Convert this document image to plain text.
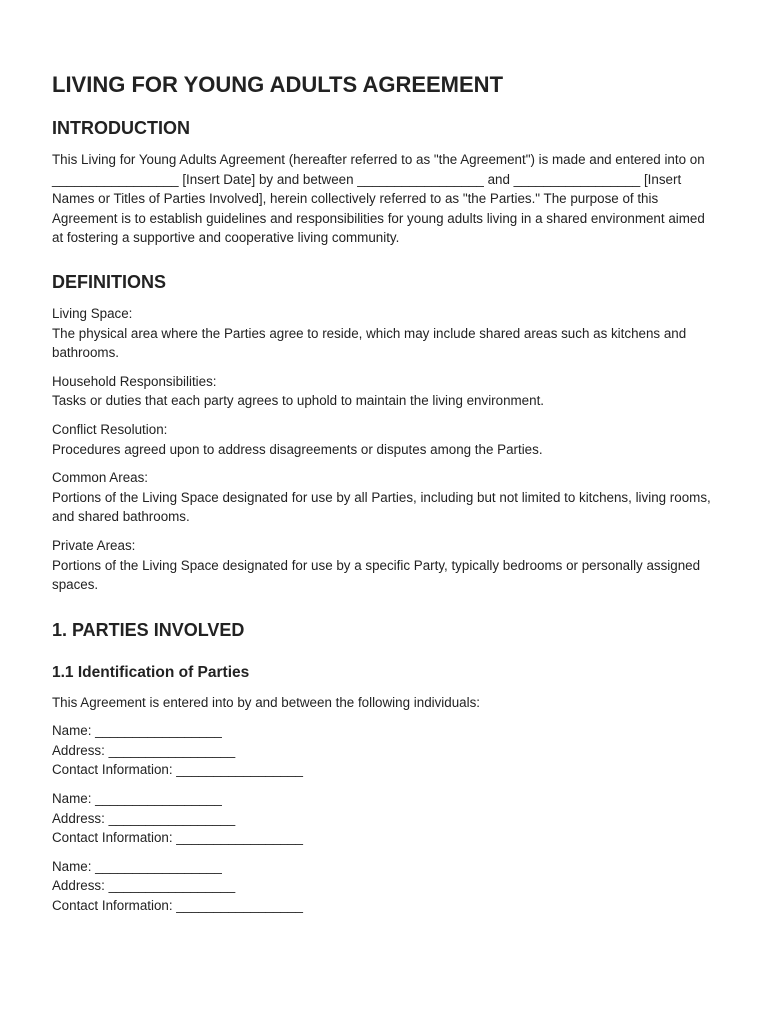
LIVING FOR YOUNG ADULTS AGREEMENT
INTRODUCTION

This Living for Young Adults Agreement (hereafter referred to as "the Agreement") is made and entered into on _________________ [Insert Date] by and between _________________ and _________________ [Insert Names or Titles of Parties Involved], herein collectively referred to as "the Parties." The purpose of this Agreement is to establish guidelines and responsibilities for young adults living in a shared environment aimed at fostering a supportive and cooperative living community.

DEFINITIONS

Living Space:

The physical area where the Parties agree to reside, which may include shared areas such as kitchens and bathrooms.

Household Responsibilities:

Tasks or duties that each party agrees to uphold to maintain the living environment.

Conflict Resolution:

Procedures agreed upon to address disagreements or disputes among the Parties.

Common Areas:

Portions of the Living Space designated for use by all Parties, including but not limited to kitchens, living rooms, and shared bathrooms.

Private Areas:

Portions of the Living Space designated for use by a specific Party, typically bedrooms or personally assigned spaces.

1. PARTIES INVOLVED
1.1 Identification of Parties

This Agreement is entered into by and between the following individuals:

Name: _________________

Address: _________________

Contact Information: _________________

Name: _________________

Address: _________________

Contact Information: _________________

Name: _________________

Address: _________________

Contact Information: _________________
